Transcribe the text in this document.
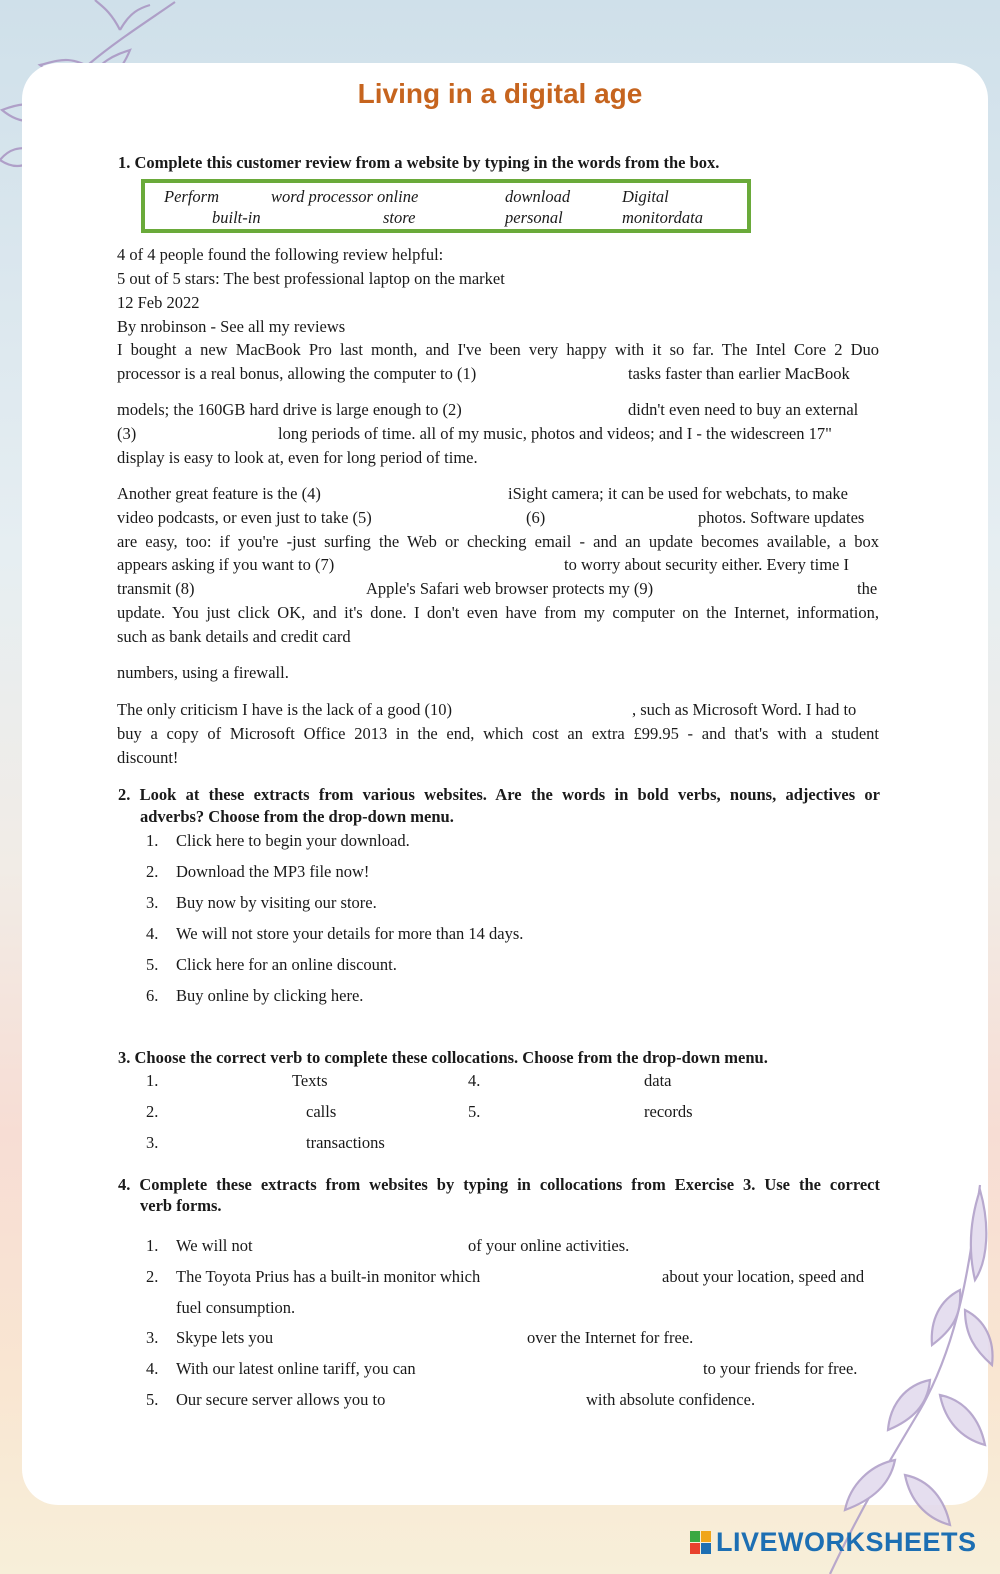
Living in a digital age
1. Complete this customer review from a website by typing in the words from the box.
Perform	word processor online	download	Digital
built-in	store	personal	monitordata
4 of 4 people found the following review helpful:
5 out of 5 stars: The best professional laptop on the market
12 Feb 2022
By nrobinson - See all my reviews
I bought a new MacBook Pro last month, and I've been very happy with it so far. The Intel Core 2 Duo
processor is a real bonus, allowing the computer to (1)	tasks faster than earlier MacBook
models; the 160GB hard drive is large enough to (2)	didn't even need to buy an external
(3)	long periods of time. all of my music, photos and videos; and I - the widescreen 17"
display is easy to look at, even for long period of time.
Another great feature is the (4)	iSight camera; it can be used for webchats, to make
video podcasts, or even just to take (5)	(6)	photos. Software updates
are easy, too: if you're -just surfing the Web or checking email - and an update becomes available, a box
appears asking if you want to (7)	to worry about security either. Every time I
transmit (8)	Apple's Safari web browser protects my (9)	the
update. You just click OK, and it's done. I don't even have from my computer on the Internet, information,
such as bank details and credit card
numbers, using a firewall.
The only criticism I have is the lack of a good (10)	, such as Microsoft Word. I had to
buy a copy of Microsoft Office 2013 in the end, which cost an extra £99.95 - and that's with a student
discount!
2. Look at these extracts from various websites. Are the words in bold verbs, nouns, adjectives or
adverbs? Choose from the drop-down menu.
1. Click here to begin your download.
2. Download the MP3 file now!
3. Buy now by visiting our store.
4. We will not store your details for more than 14 days.
5. Click here for an online discount.
6. Buy online by clicking here.
3. Choose the correct verb to complete these collocations. Choose from the drop-down menu.
1.	Texts
2.	calls
3.	transactions
4.	data
5.	records
4. Complete these extracts from websites by typing in collocations from Exercise 3. Use the correct
verb forms.
1. We will not	of your online activities.
2. The Toyota Prius has a built-in monitor which	about your location, speed and
fuel consumption.
3. Skype lets you	over the Internet for free.
4. With our latest online tariff, you can	to your friends for free.
5. Our secure server allows you to	with absolute confidence.
LIVEWORKSHEETS
